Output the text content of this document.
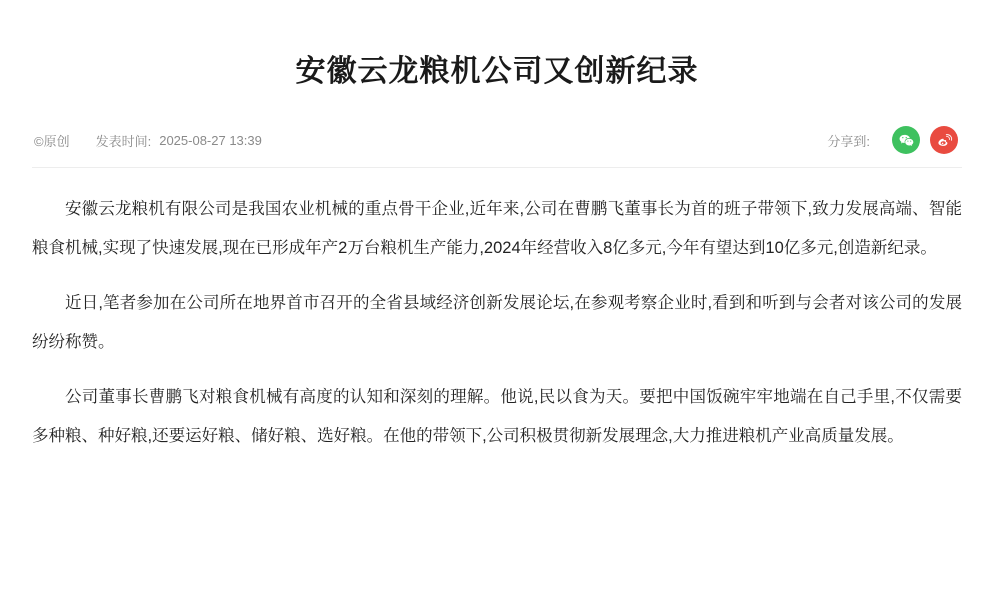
安徽云龙粮机公司又创新纪录
©原创 发表时间: 2025-08-27 13:39	分享到:

安徽云龙粮机有限公司是我国农业机械的重点骨干企业,近年来,公司在曹鹏飞董事长为首的班子带领下,致力发展高端、智能粮食机械,实现了快速发展,现在已形成年产2万台粮机生产能力,2024年经营收入8亿多元,今年有望达到10亿多元,创造新纪录。

近日,笔者参加在公司所在地界首市召开的全省县域经济创新发展论坛,在参观考察企业时,看到和听到与会者对该公司的发展纷纷称赞。

公司董事长曹鹏飞对粮食机械有高度的认知和深刻的理解。他说,民以食为天。要把中国饭碗牢牢地端在自己手里,不仅需要多种粮、种好粮,还要运好粮、储好粮、选好粮。在他的带领下,公司积极贯彻新发展理念,大力推进粮机产业高质量发展。
